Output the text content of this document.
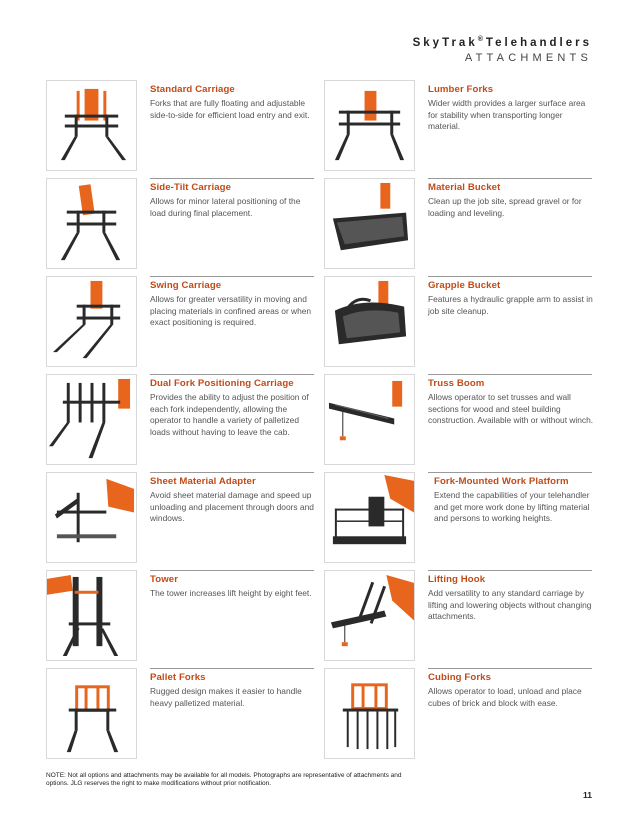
SkyTrak® Telehandlers
ATTACHMENTS
Standard Carriage
Forks that are fully floating and adjustable side-to-side for efficient load entry and exit.
Lumber Forks
Wider width provides a larger surface area for stability when transporting longer material.
Side-Tilt Carriage
Allows for minor lateral positioning of the load during final placement.
Material Bucket
Clean up the job site, spread gravel or for loading and leveling.
Swing Carriage
Allows for greater versatility in moving and placing materials in confined areas or when exact positioning is required.
Grapple Bucket
Features a hydraulic grapple arm to assist in job site cleanup.
Dual Fork Positioning Carriage
Provides the ability to adjust the position of each fork independently, allowing the operator to handle a variety of palletized loads without having to leave the cab.
Truss Boom
Allows operator to set trusses and wall sections for wood and steel building construction. Available with or without winch.
Sheet Material Adapter
Avoid sheet material damage and speed up unloading and placement through doors and windows.
Fork-Mounted Work Platform
Extend the capabilities of your telehandler and get more work done by lifting material and persons to working heights.
Tower
The tower increases lift height by eight feet.
Lifting Hook
Add versatility to any standard carriage by lifting and lowering objects without changing attachments.
Pallet Forks
Rugged design makes it easier to handle heavy palletized material.
Cubing Forks
Allows operator to load, unload and place cubes of brick and block with ease.
NOTE: Not all options and attachments may be available for all models. Photographs are representative of attachments and options. JLG reserves the right to make modifications without prior notification.
11
